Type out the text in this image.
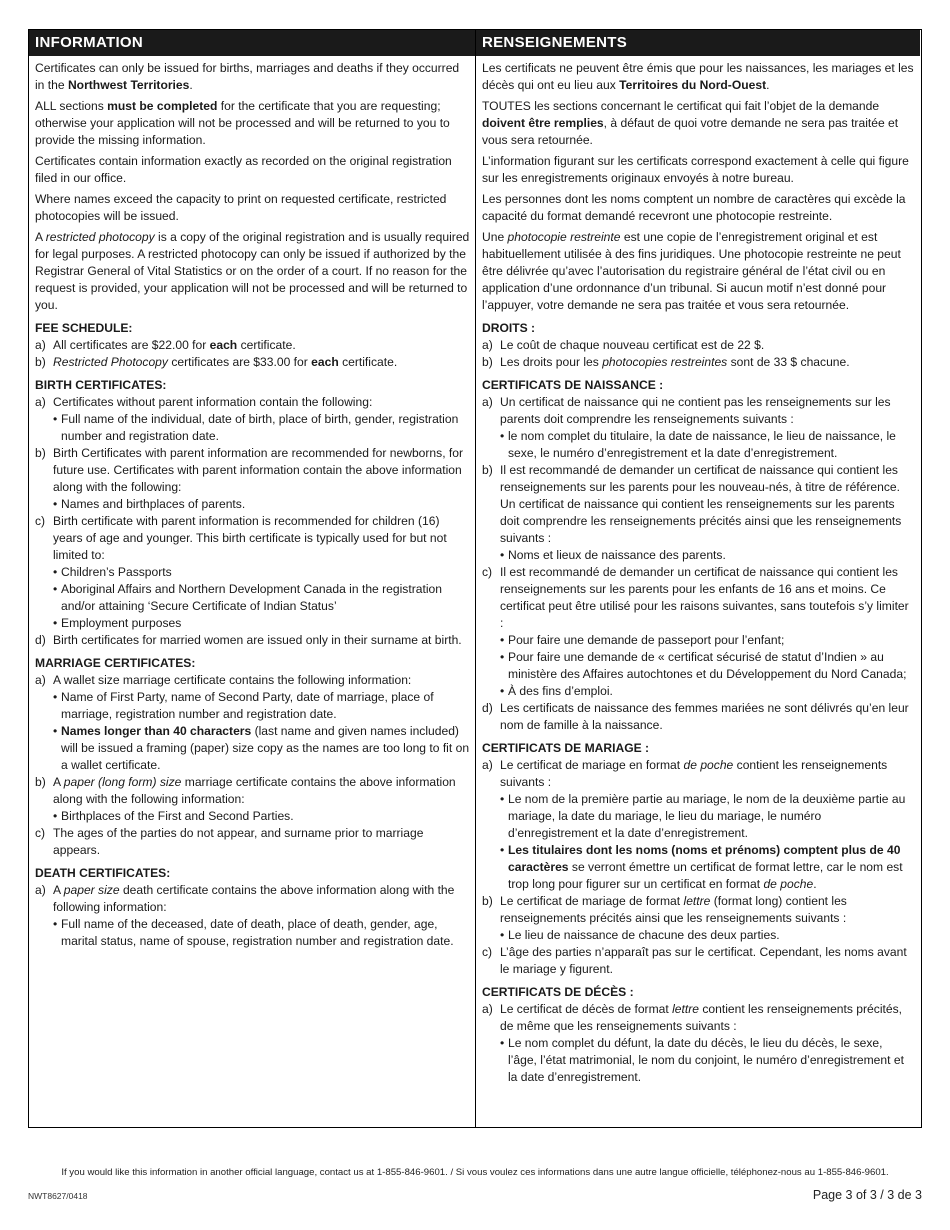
INFORMATION

Certificates can only be issued for births, marriages and deaths if they occurred in the Northwest Territories.

ALL sections must be completed for the certificate that you are requesting; otherwise your application will not be processed and will be returned to you to provide the missing information.

Certificates contain information exactly as recorded on the original registration filed in our office.

Where names exceed the capacity to print on requested certificate, restricted photocopies will be issued.

A restricted photocopy is a copy of the original registration and is usually required for legal purposes. A restricted photocopy can only be issued if authorized by the Registrar General of Vital Statistics or on the order of a court. If no reason for the request is provided, your application will not be processed and will be returned to you.

FEE SCHEDULE:
a) All certificates are $22.00 for each certificate.
b) Restricted Photocopy certificates are $33.00 for each certificate.
BIRTH CERTIFICATES:
a) Certificates without parent information contain the following:
• Full name of the individual, date of birth, place of birth, gender, registration number and registration date.
b) Birth Certificates with parent information are recommended for newborns, for future use. Certificates with parent information contain the above information along with the following:
• Names and birthplaces of parents.
c) Birth certificate with parent information is recommended for children (16) years of age and younger. This birth certificate is typically used for but not limited to:
• Children’s Passports
• Aboriginal Affairs and Northern Development Canada in the registration and/or attaining ‘Secure Certificate of Indian Status’
• Employment purposes
d) Birth certificates for married women are issued only in their surname at birth.
MARRIAGE CERTIFICATES:
a) A wallet size marriage certificate contains the following information:
• Name of First Party, name of Second Party, date of marriage, place of marriage, registration number and registration date.
• Names longer than 40 characters (last name and given names included) will be issued a framing (paper) size copy as the names are too long to fit on a wallet certificate.
b) A paper (long form) size marriage certificate contains the above information along with the following information:
• Birthplaces of the First and Second Parties.
c) The ages of the parties do not appear, and surname prior to marriage appears.
DEATH CERTIFICATES:
a) A paper size death certificate contains the above information along with the following information:
• Full name of the deceased, date of death, place of death, gender, age, marital status, name of spouse, registration number and registration date.
RENSEIGNEMENTS

Les certificats ne peuvent être émis que pour les naissances, les mariages et les décès qui ont eu lieu aux Territoires du Nord-Ouest.

TOUTES les sections concernant le certificat qui fait l’objet de la demande doivent être remplies, à défaut de quoi votre demande ne sera pas traitée et vous sera retournée.

L’information figurant sur les certificats correspond exactement à celle qui figure sur les enregistrements originaux envoyés à notre bureau.

Les personnes dont les noms comptent un nombre de caractères qui excède la capacité du format demandé recevront une photocopie restreinte.

Une photocopie restreinte est une copie de l’enregistrement original et est habituellement utilisée à des fins juridiques. Une photocopie restreinte ne peut être délivrée qu’avec l’autorisation du registraire général de l’état civil ou en application d’une ordonnance d’un tribunal. Si aucun motif n’est donné pour l’appuyer, votre demande ne sera pas traitée et vous sera retournée.

DROITS :
a) Le coût de chaque nouveau certificat est de 22 $.
b) Les droits pour les photocopies restreintes sont de 33 $ chacune.
CERTIFICATS DE NAISSANCE :
a) Un certificat de naissance qui ne contient pas les renseignements sur les parents doit comprendre les renseignements suivants :
• le nom complet du titulaire, la date de naissance, le lieu de naissance, le sexe, le numéro d’enregistrement et la date d’enregistrement.
b) Il est recommandé de demander un certificat de naissance qui contient les renseignements sur les parents pour les nouveau-nés, à titre de référence. Un certificat de naissance qui contient les renseignements sur les parents doit comprendre les renseignements précités ainsi que les renseignements suivants :
• Noms et lieux de naissance des parents.
c) Il est recommandé de demander un certificat de naissance qui contient les renseignements sur les parents pour les enfants de 16 ans et moins. Ce certificat peut être utilisé pour les raisons suivantes, sans toutefois s’y limiter :
• Pour faire une demande de passeport pour l’enfant;
• Pour faire une demande de « certificat sécurisé de statut d’Indien » au ministère des Affaires autochtones et du Développement du Nord Canada;
• À des fins d’emploi.
d) Les certificats de naissance des femmes mariées ne sont délivrés qu’en leur nom de famille à la naissance.
CERTIFICATS DE MARIAGE :
a) Le certificat de mariage en format de poche contient les renseignements suivants :
• Le nom de la première partie au mariage, le nom de la deuxième partie au mariage, la date du mariage, le lieu du mariage, le numéro d’enregistrement et la date d’enregistrement.
• Les titulaires dont les noms (noms et prénoms) comptent plus de 40 caractères se verront émettre un certificat de format lettre, car le nom est trop long pour figurer sur un certificat en format de poche.
b) Le certificat de mariage de format lettre (format long) contient les renseignements précités ainsi que les renseignements suivants :
• Le lieu de naissance de chacune des deux parties.
c) L’âge des parties n’apparaît pas sur le certificat. Cependant, les noms avant le mariage y figurent.
CERTIFICATS DE DÉCÈS :
a) Le certificat de décès de format lettre contient les renseignements précités, de même que les renseignements suivants :
• Le nom complet du défunt, la date du décès, le lieu du décès, le sexe, l’âge, l’état matrimonial, le nom du conjoint, le numéro d’enregistrement et la date d’enregistrement.
If you would like this information in another official language, contact us at 1-855-846-9601. / Si vous voulez ces informations dans une autre langue officielle, téléphonez-nous au 1-855-846-9601.
NWT8627/0418	Page 3 of 3 / 3 de 3
